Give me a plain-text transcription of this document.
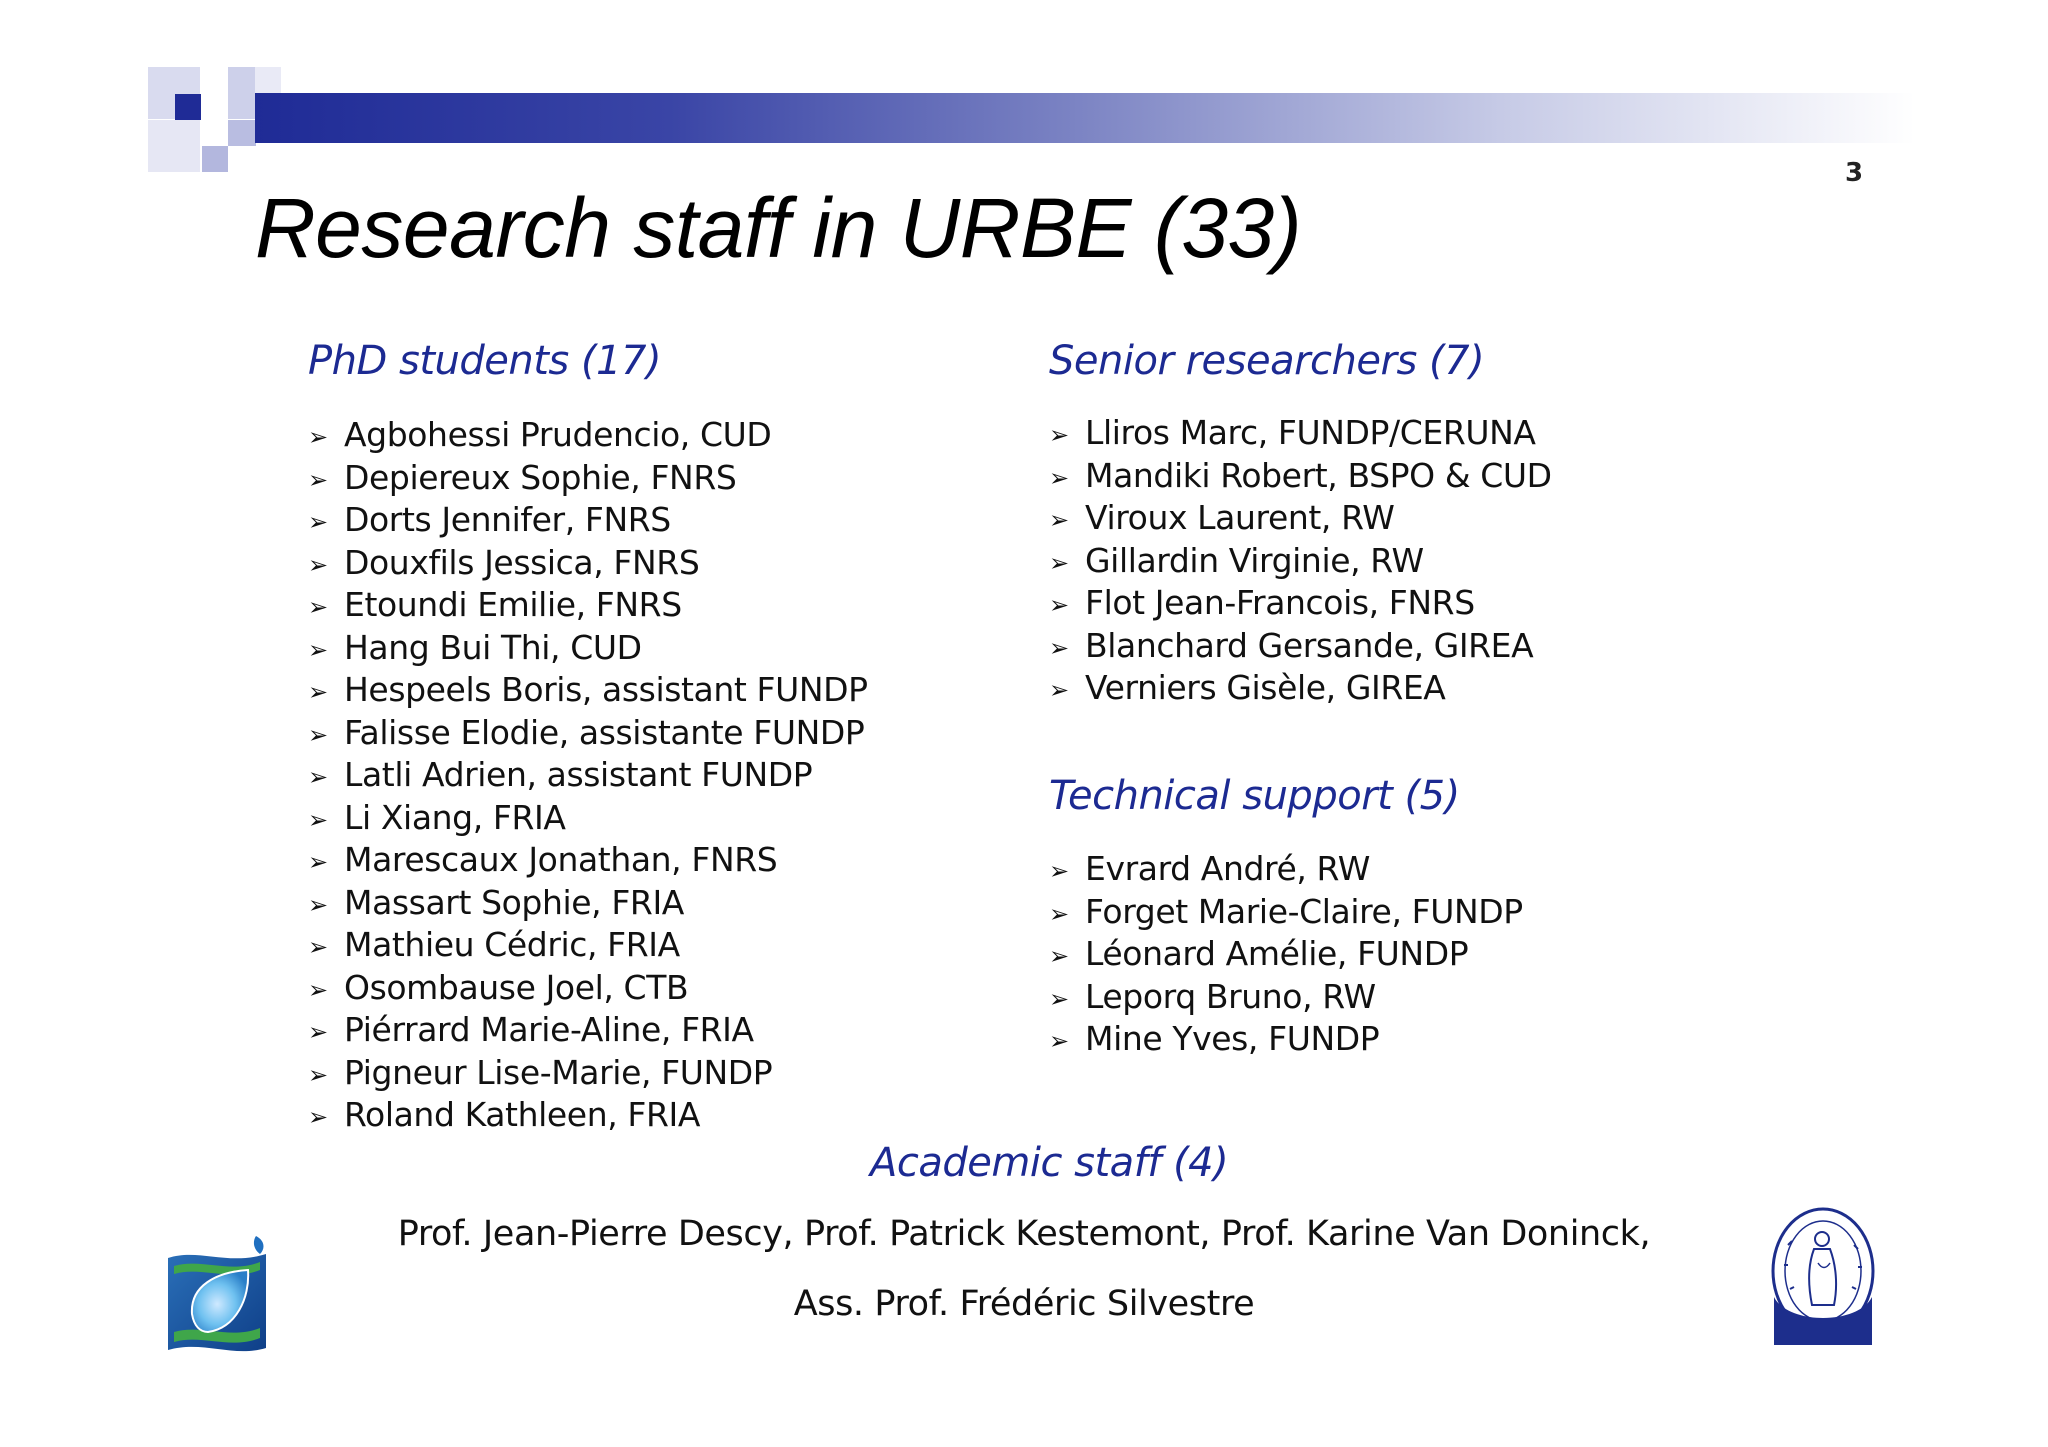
3
Research staff in URBE (33)
PhD students (17)
➢ Agbohessi Prudencio, CUD
➢ Depiereux Sophie, FNRS
➢ Dorts Jennifer, FNRS
➢ Douxfils Jessica, FNRS
➢ Etoundi Emilie, FNRS
➢ Hang Bui Thi, CUD
➢ Hespeels Boris, assistant FUNDP
➢ Falisse Elodie, assistante FUNDP
➢ Latli Adrien, assistant FUNDP
➢ Li Xiang, FRIA
➢ Marescaux Jonathan, FNRS
➢ Massart Sophie, FRIA
➢ Mathieu Cédric, FRIA
➢ Osombause Joel, CTB
➢ Piérrard Marie-Aline, FRIA
➢ Pigneur Lise-Marie, FUNDP
➢ Roland Kathleen, FRIA
Senior researchers (7)
➢ Lliros Marc, FUNDP/CERUNA
➢ Mandiki Robert, BSPO & CUD
➢ Viroux Laurent, RW
➢ Gillardin Virginie, RW
➢ Flot Jean-Francois, FNRS
➢ Blanchard Gersande, GIREA
➢ Verniers Gisèle, GIREA
Technical support (5)
➢ Evrard André, RW
➢ Forget Marie-Claire, FUNDP
➢ Léonard Amélie, FUNDP
➢ Leporq Bruno, RW
➢ Mine Yves, FUNDP
Academic staff (4)
Prof. Jean-Pierre Descy, Prof. Patrick Kestemont, Prof. Karine Van Doninck,
Ass. Prof. Frédéric Silvestre
